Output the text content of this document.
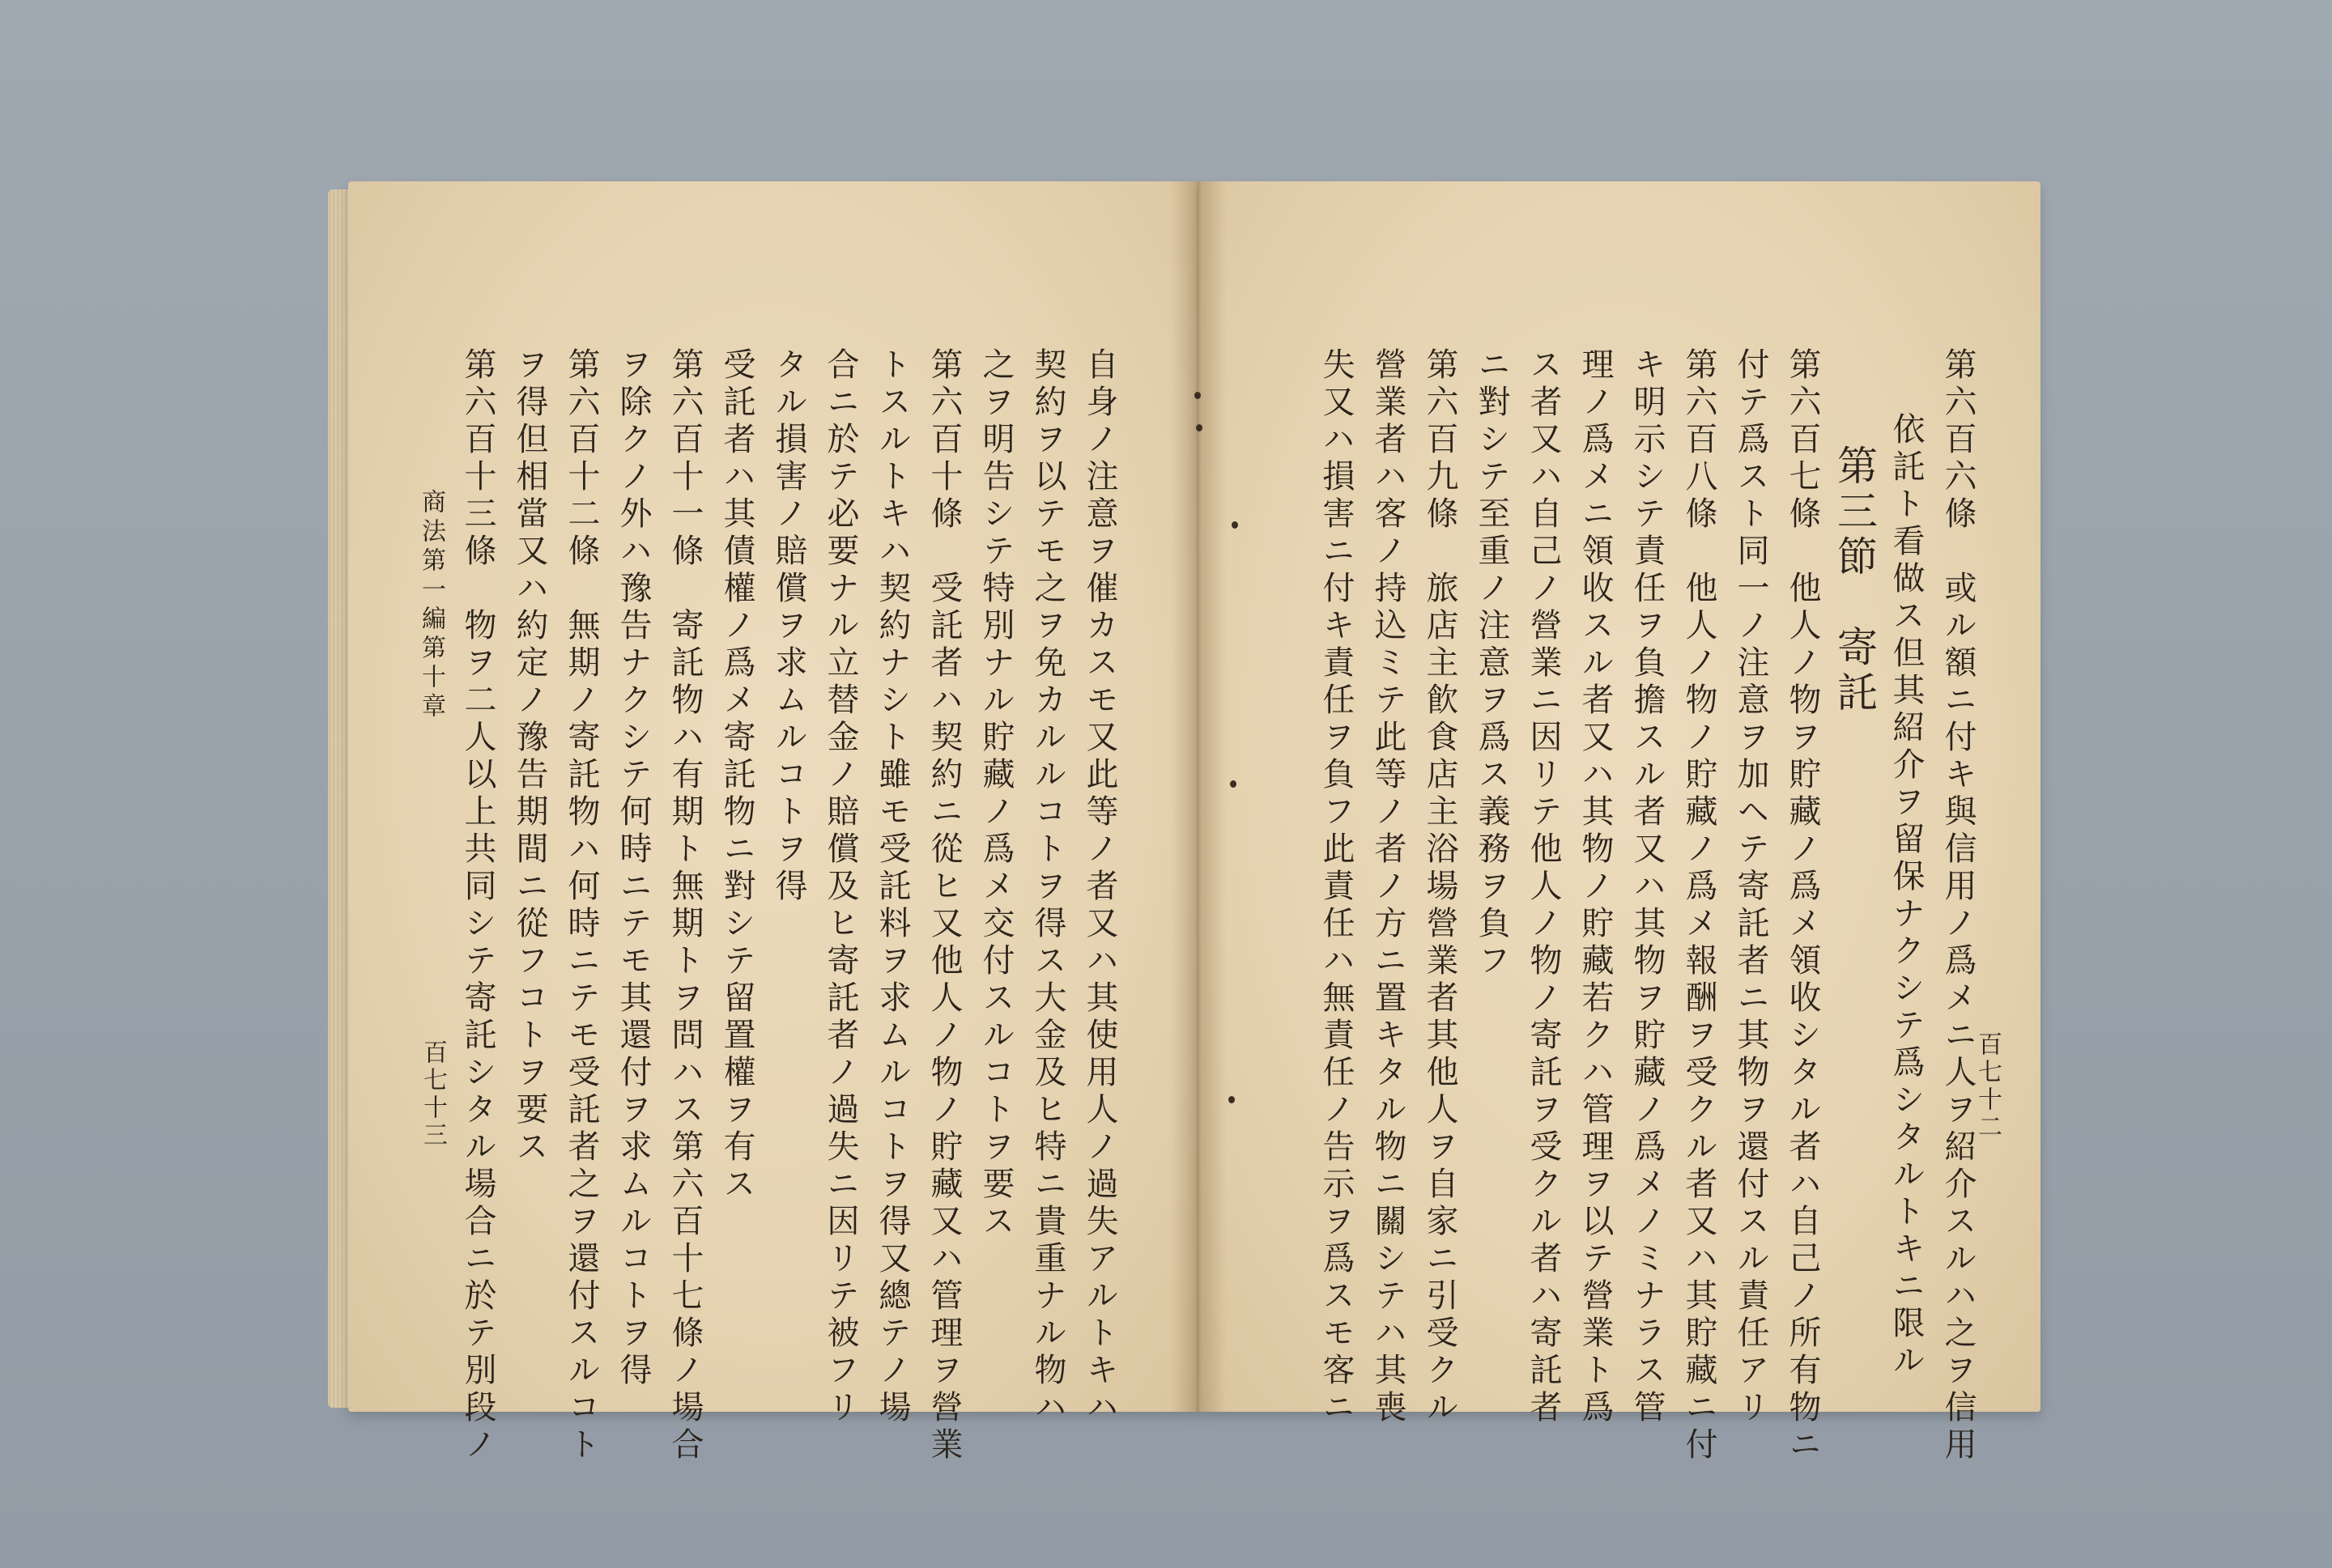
自身ノ注意ヲ催カスモ又此等ノ者又ハ其使用人ノ過失アルトキハ
契約ヲ以テモ之ヲ免カルルコトヲ得ス大金及ヒ特ニ貴重ナル物ハ
之ヲ明告シテ特別ナル貯藏ノ爲メ交付スルコトヲ要ス
第六百十條　受託者ハ契約ニ從ヒ又他人ノ物ノ貯藏又ハ管理ヲ營業
トスルトキハ契約ナシト雖モ受託料ヲ求ムルコトヲ得又總テノ場
合ニ於テ必要ナル立替金ノ賠償及ヒ寄託者ノ過失ニ因リテ被フリ
タル損害ノ賠償ヲ求ムルコトヲ得
受託者ハ其債權ノ爲メ寄託物ニ對シテ留置權ヲ有ス
第六百十一條　寄託物ハ有期ト無期トヲ問ハス第六百十七條ノ場合
ヲ除クノ外ハ豫告ナクシテ何時ニテモ其還付ヲ求ムルコトヲ得
第六百十二條　無期ノ寄託物ハ何時ニテモ受託者之ヲ還付スルコト
ヲ得但相當又ハ約定ノ豫告期間ニ從フコトヲ要ス
第六百十三條　物ヲ二人以上共同シテ寄託シタル場合ニ於テ別段ノ
商法第一編第十章
百七十三	第六百六條　或ル額ニ付キ與信用ノ爲メニ人ヲ紹介スルハ之ヲ信用
依託ト看做ス但其紹介ヲ留保ナクシテ爲シタルトキニ限ル
第三節　寄託
第六百七條　他人ノ物ヲ貯藏ノ爲メ領收シタル者ハ自己ノ所有物ニ
付テ爲スト同一ノ注意ヲ加ヘテ寄託者ニ其物ヲ還付スル責任アリ
第六百八條　他人ノ物ノ貯藏ノ爲メ報酬ヲ受クル者又ハ其貯藏ニ付
キ明示シテ責任ヲ負擔スル者又ハ其物ヲ貯藏ノ爲メノミナラス管
理ノ爲メニ領收スル者又ハ其物ノ貯藏若クハ管理ヲ以テ營業ト爲
ス者又ハ自己ノ營業ニ因リテ他人ノ物ノ寄託ヲ受クル者ハ寄託者
ニ對シテ至重ノ注意ヲ爲ス義務ヲ負フ
第六百九條　旅店主飮食店主浴場營業者其他人ヲ自家ニ引受クル
營業者ハ客ノ持込ミテ此等ノ者ノ方ニ置キタル物ニ關シテハ其喪
失又ハ損害ニ付キ責任ヲ負フ此責任ハ無責任ノ告示ヲ爲スモ客ニ	百七十二
